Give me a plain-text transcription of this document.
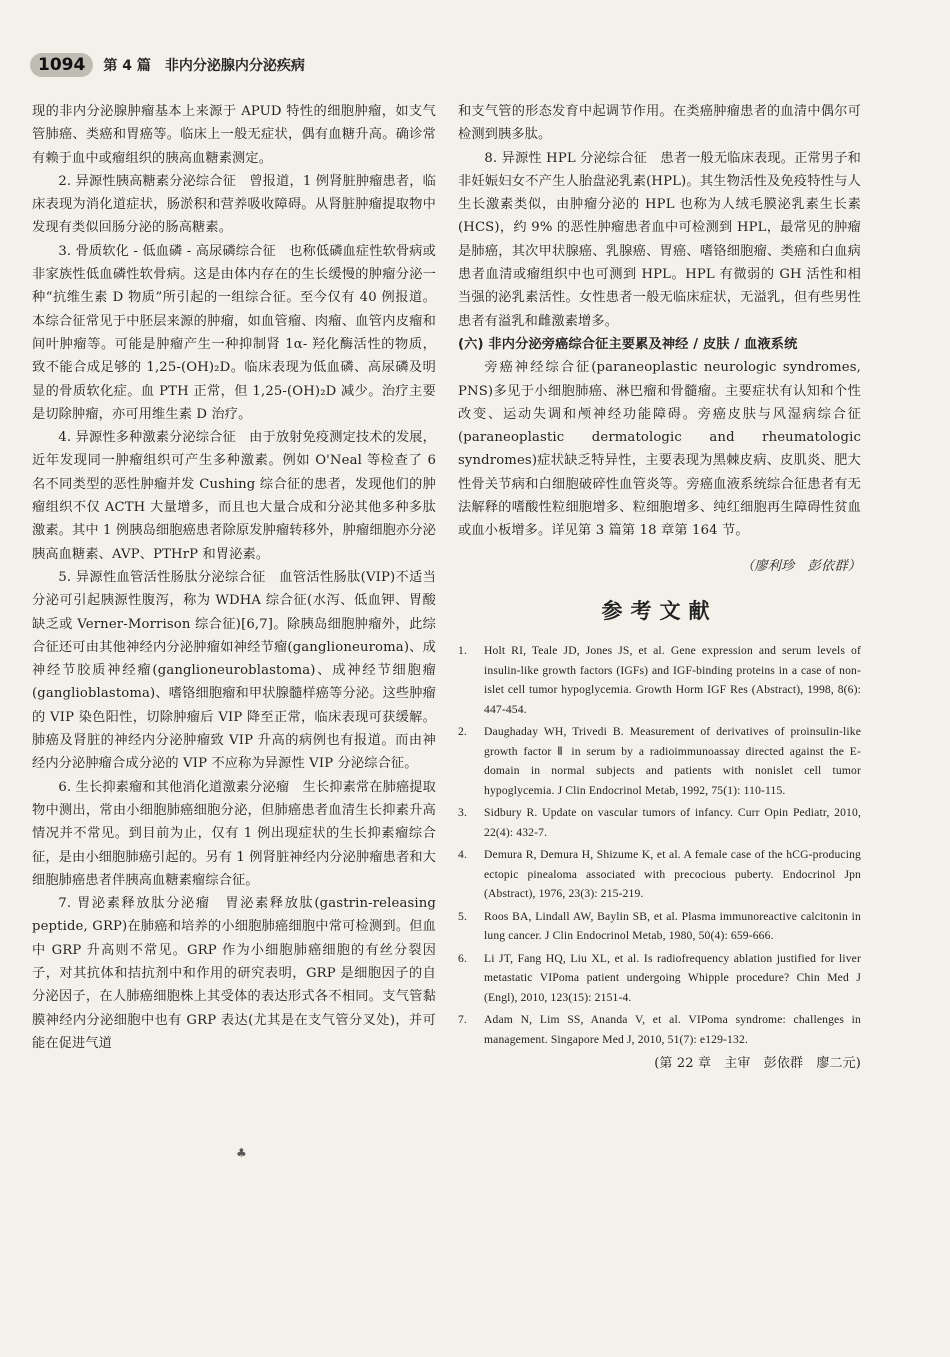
1094	第 4 篇 非内分泌腺内分泌疾病

现的非内分泌腺肿瘤基本上来源于 APUD 特性的细胞肿瘤，如支气管肺癌、类癌和胃癌等。临床上一般无症状，偶有血糖升高。确诊常有赖于血中或瘤组织的胰高血糖素测定。

2. 异源性胰高糖素分泌综合征　曾报道，1 例肾脏肿瘤患者，临床表现为消化道症状，肠淤积和营养吸收障碍。从肾脏肿瘤提取物中发现有类似回肠分泌的肠高糖素。

3. 骨质软化 - 低血磷 - 高尿磷综合征　也称低磷血症性软骨病或非家族性低血磷性软骨病。这是由体内存在的生长缓慢的肿瘤分泌一种“抗维生素 D 物质”所引起的一组综合征。至今仅有 40 例报道。本综合征常见于中胚层来源的肿瘤，如血管瘤、肉瘤、血管内皮瘤和间叶肿瘤等。可能是肿瘤产生一种抑制肾 1α- 羟化酶活性的物质，致不能合成足够的 1,25-(OH)₂D。临床表现为低血磷、高尿磷及明显的骨质软化症。血 PTH 正常，但 1,25-(OH)₂D 减少。治疗主要是切除肿瘤，亦可用维生素 D 治疗。

4. 异源性多种激素分泌综合征　由于放射免疫测定技术的发展，近年发现同一肿瘤组织可产生多种激素。例如 O'Neal 等检查了 6 名不同类型的恶性肿瘤并发 Cushing 综合征的患者，发现他们的肿瘤组织不仅 ACTH 大量增多，而且也大量合成和分泌其他多种多肽激素。其中 1 例胰岛细胞癌患者除原发肿瘤转移外，肿瘤细胞亦分泌胰高血糖素、AVP、PTHrP 和胃泌素。

5. 异源性血管活性肠肽分泌综合征　血管活性肠肽(VIP)不适当分泌可引起胰源性腹泻，称为 WDHA 综合征(水泻、低血钾、胃酸缺乏或 Verner-Morrison 综合征)[6,7]。除胰岛细胞肿瘤外，此综合征还可由其他神经内分泌肿瘤如神经节瘤(ganglioneuroma)、成神经节胶质神经瘤(ganglioneuroblastoma)、成神经节细胞瘤(ganglioblastoma)、嗜铬细胞瘤和甲状腺髓样癌等分泌。这些肿瘤的 VIP 染色阳性，切除肿瘤后 VIP 降至正常，临床表现可获缓解。肺癌及肾脏的神经内分泌肿瘤致 VIP 升高的病例也有报道。而由神经内分泌肿瘤合成分泌的 VIP 不应称为异源性 VIP 分泌综合征。

6. 生长抑素瘤和其他消化道激素分泌瘤　生长抑素常在肺癌提取物中测出，常由小细胞肺癌细胞分泌，但肺癌患者血清生长抑素升高情况并不常见。到目前为止，仅有 1 例出现症状的生长抑素瘤综合征，是由小细胞肺癌引起的。另有 1 例肾脏神经内分泌肿瘤患者和大细胞肺癌患者伴胰高血糖素瘤综合征。

7. 胃泌素释放肽分泌瘤　胃泌素释放肽(gastrin-releasing peptide, GRP)在肺癌和培养的小细胞肺癌细胞中常可检测到。但血中 GRP 升高则不常见。GRP 作为小细胞肺癌细胞的有丝分裂因子，对其抗体和拮抗剂中和作用的研究表明，GRP 是细胞因子的自分泌因子，在人肺癌细胞株上其受体的表达形式各不相同。支气管黏膜神经内分泌细胞中也有 GRP 表达(尤其是在支气管分叉处)，并可能在促进气道

和支气管的形态发育中起调节作用。在类癌肿瘤患者的血清中偶尔可检测到胰多肽。

8. 异源性 HPL 分泌综合征　患者一般无临床表现。正常男子和非妊娠妇女不产生人胎盘泌乳素(HPL)。其生物活性及免疫特性与人生长激素类似，由肿瘤分泌的 HPL 也称为人绒毛膜泌乳素生长素(HCS)，约 9% 的恶性肿瘤患者血中可检测到 HPL，最常见的肿瘤是肺癌，其次甲状腺癌、乳腺癌、胃癌、嗜铬细胞瘤、类癌和白血病患者血清或瘤组织中也可测到 HPL。HPL 有微弱的 GH 活性和相当强的泌乳素活性。女性患者一般无临床症状，无溢乳，但有些男性患者有溢乳和雌激素增多。

(六) 非内分泌旁癌综合征主要累及神经 / 皮肤 / 血液系统

旁癌神经综合征(paraneoplastic neurologic syndromes, PNS)多见于小细胞肺癌、淋巴瘤和骨髓瘤。主要症状有认知和个性改变、运动失调和颅神经功能障碍。旁癌皮肤与风湿病综合征(paraneoplastic dermatologic and rheumatologic syndromes)症状缺乏特异性，主要表现为黑棘皮病、皮肌炎、肥大性骨关节病和白细胞破碎性血管炎等。旁癌血液系统综合征患者有无法解释的嗜酸性粒细胞增多、粒细胞增多、纯红细胞再生障碍性贫血或血小板增多。详见第 3 篇第 18 章第 164 节。

（廖利珍　彭依群）

参考文献
1. Holt RI, Teale JD, Jones JS, et al. Gene expression and serum levels of insulin-like growth factors (IGFs) and IGF-binding proteins in a case of non-islet cell tumor hypoglycemia. Growth Horm IGF Res (Abstract), 1998, 8(6): 447-454.
2. Daughaday WH, Trivedi B. Measurement of derivatives of proinsulin-like growth factor Ⅱ in serum by a radioimmunoassay directed against the E-domain in normal subjects and patients with nonislet cell tumor hypoglycemia. J Clin Endocrinol Metab, 1992, 75(1): 110-115.
3. Sidbury R. Update on vascular tumors of infancy. Curr Opin Pediatr, 2010, 22(4): 432-7.
4. Demura R, Demura H, Shizume K, et al. A female case of the hCG-producing ectopic pinealoma associated with precocious puberty. Endocrinol Jpn (Abstract), 1976, 23(3): 215-219.
5. Roos BA, Lindall AW, Baylin SB, et al. Plasma immunoreactive calcitonin in lung cancer. J Clin Endocrinol Metab, 1980, 50(4): 659-666.
6. Li JT, Fang HQ, Liu XL, et al. Is radiofrequency ablation justified for liver metastatic VIPoma patient undergoing Whipple procedure? Chin Med J (Engl), 2010, 123(15): 2151-4.
7. Adam N, Lim SS, Ananda V, et al. VIPoma syndrome: challenges in management. Singapore Med J, 2010, 51(7): e129-132.
(第 22 章　主审　彭依群　廖二元)
♣
